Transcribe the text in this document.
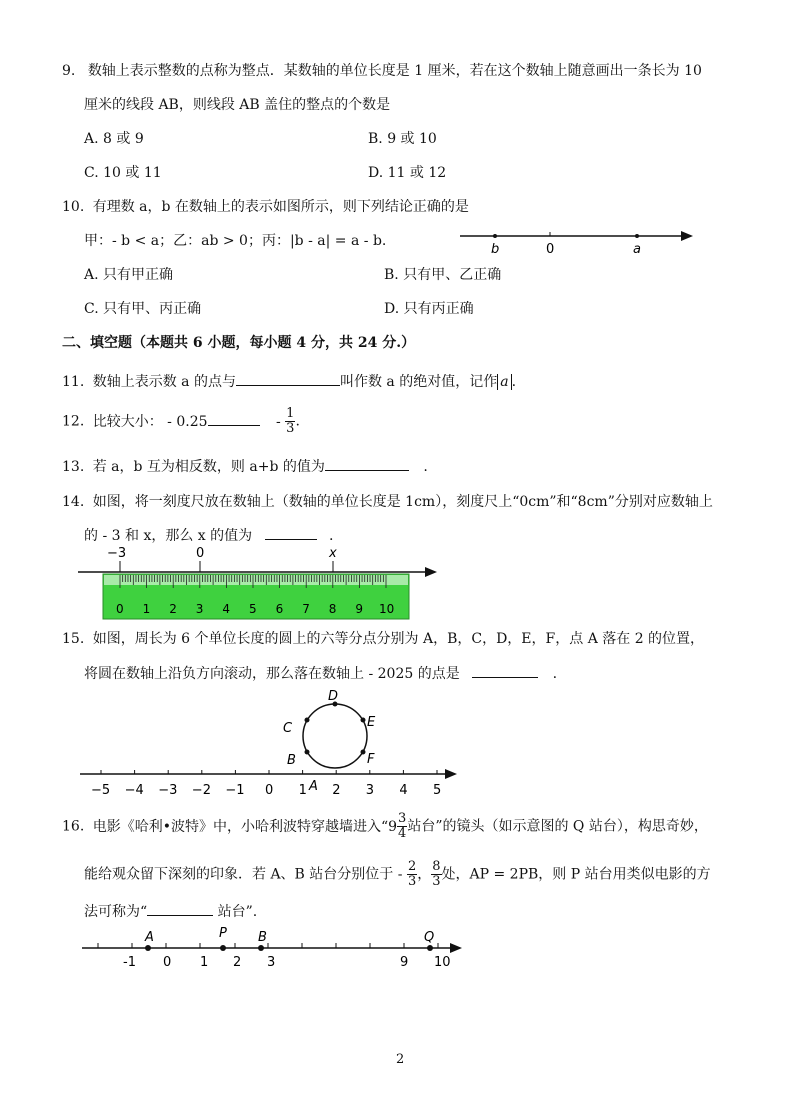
9. 数轴上表示整数的点称为整点．某数轴的单位长度是 1 厘米，若在这个数轴上随意画出一条长为 10
厘米的线段 AB，则线段 AB 盖住的整点的个数是
A. 8 或 9	B. 9 或 10
C. 10 或 11	D. 11 或 12
10. 有理数 a，b 在数轴上的表示如图所示，则下列结论正确的是
甲：- b < a；乙：ab > 0；丙：|b - a| = a - b.
b	0	a
A. 只有甲正确	B. 只有甲、乙正确
C. 只有甲、丙正确	D. 只有丙正确
二、填空题（本题共 6 小题，每小题 4 分，共 24 分.）
11. 数轴上表示数 a 的点与	叫作数 a 的绝对值，记作 a .
12. 比较大小： - 0.25	- $\frac{1}{3}$ .
13. 若 a，b 互为相反数，则 a+b 的值为	.
14. 如图，将一刻度尺放在数轴上（数轴的单位长度是 1cm），刻度尺上“0cm”和“8cm”分别对应数轴上
的 - 3 和 x，那么 x 的值为	.
−3	0	x
0 1 2 3 4 5 6 7 8 9 10
15. 如图，周长为 6 个单位长度的圆上的六等分点分别为 A，B，C，D，E，F，点 A 落在 2 的位置，
将圆在数轴上沿负方向滚动，那么落在数轴上 - 2025 的点是	.
D
E
F
C
B
A
−5 −4 −3 −2 −1 0 1 2 3 4 5
16. 电影《哈利•波特》中，小哈利波特穿越墙进入“$9 \frac{3}{4}$ 站台”的镜头（如示意图的 Q 站台），构思奇妙，
能给观众留下深刻的印象．若 A、B 站台分别位于 - $\frac{2}{3}$ ， $\frac{8}{3}$ 处，AP = 2PB，则 P 站台用类似电影的方
法可称为“	站台”.
A	P B	Q
-1 0 1 2 3	9 10
2
